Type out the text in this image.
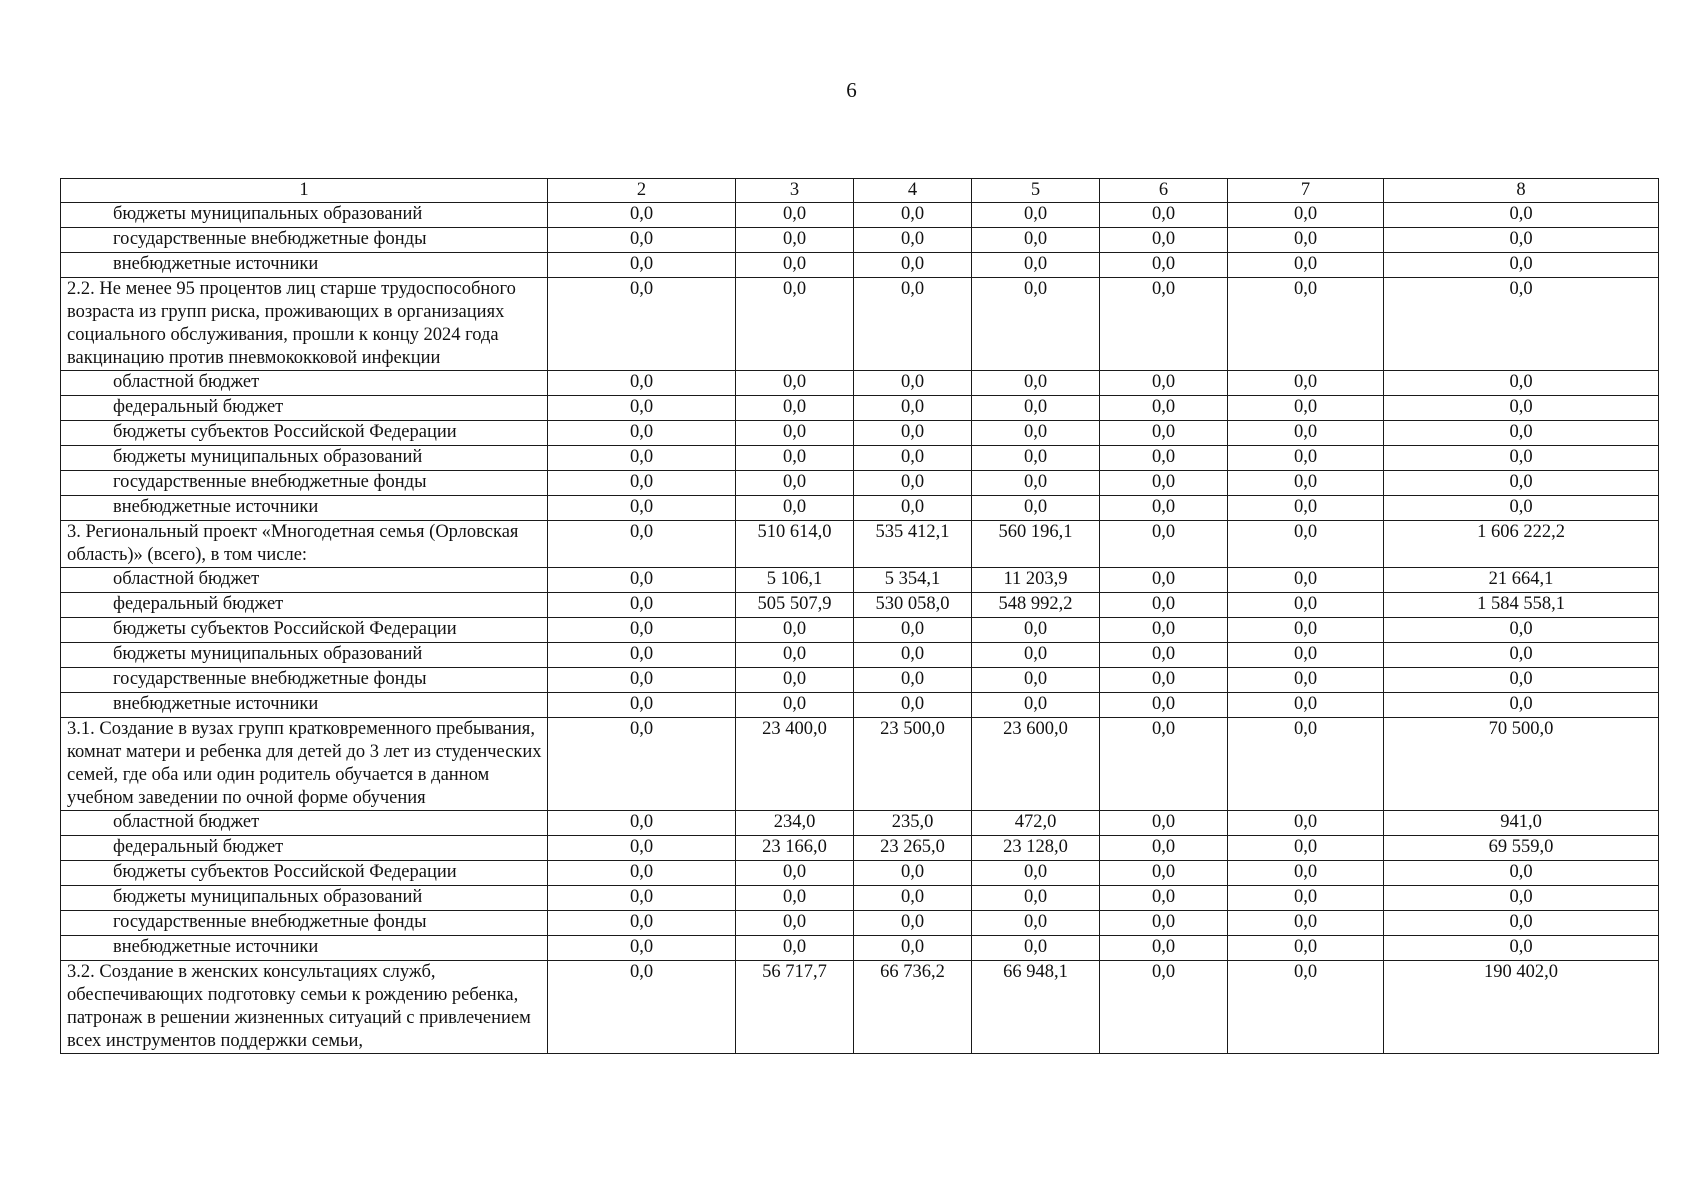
6
1	2	3	4	5	6	7	8
бюджеты муниципальных образований	0,0	0,0	0,0	0,0	0,0	0,0	0,0
государственные внебюджетные фонды	0,0	0,0	0,0	0,0	0,0	0,0	0,0
внебюджетные источники	0,0	0,0	0,0	0,0	0,0	0,0	0,0
2.2. Не менее 95 процентов лиц старше трудоспособного возраста из групп риска, проживающих в организациях социального обслуживания, прошли к концу 2024 года вакцинацию против пневмококковой инфекции	0,0	0,0	0,0	0,0	0,0	0,0	0,0
областной бюджет	0,0	0,0	0,0	0,0	0,0	0,0	0,0
федеральный бюджет	0,0	0,0	0,0	0,0	0,0	0,0	0,0
бюджеты субъектов Российской Федерации	0,0	0,0	0,0	0,0	0,0	0,0	0,0
бюджеты муниципальных образований	0,0	0,0	0,0	0,0	0,0	0,0	0,0
государственные внебюджетные фонды	0,0	0,0	0,0	0,0	0,0	0,0	0,0
внебюджетные источники	0,0	0,0	0,0	0,0	0,0	0,0	0,0
3. Региональный проект «Многодетная семья (Орловская область)» (всего), в том числе:	0,0	510 614,0	535 412,1	560 196,1	0,0	0,0	1 606 222,2
областной бюджет	0,0	5 106,1	5 354,1	11 203,9	0,0	0,0	21 664,1
федеральный бюджет	0,0	505 507,9	530 058,0	548 992,2	0,0	0,0	1 584 558,1
бюджеты субъектов Российской Федерации	0,0	0,0	0,0	0,0	0,0	0,0	0,0
бюджеты муниципальных образований	0,0	0,0	0,0	0,0	0,0	0,0	0,0
государственные внебюджетные фонды	0,0	0,0	0,0	0,0	0,0	0,0	0,0
внебюджетные источники	0,0	0,0	0,0	0,0	0,0	0,0	0,0
3.1. Создание в вузах групп кратковременного пребывания, комнат матери и ребенка для детей до 3 лет из студенческих семей, где оба или один родитель обучается в данном учебном заведении по очной форме обучения	0,0	23 400,0	23 500,0	23 600,0	0,0	0,0	70 500,0
областной бюджет	0,0	234,0	235,0	472,0	0,0	0,0	941,0
федеральный бюджет	0,0	23 166,0	23 265,0	23 128,0	0,0	0,0	69 559,0
бюджеты субъектов Российской Федерации	0,0	0,0	0,0	0,0	0,0	0,0	0,0
бюджеты муниципальных образований	0,0	0,0	0,0	0,0	0,0	0,0	0,0
государственные внебюджетные фонды	0,0	0,0	0,0	0,0	0,0	0,0	0,0
внебюджетные источники	0,0	0,0	0,0	0,0	0,0	0,0	0,0
3.2. Создание в женских консультациях служб, обеспечивающих подготовку семьи к рождению ребенка, патронаж в решении жизненных ситуаций с привлечением всех инструментов поддержки семьи,	0,0	56 717,7	66 736,2	66 948,1	0,0	0,0	190 402,0
